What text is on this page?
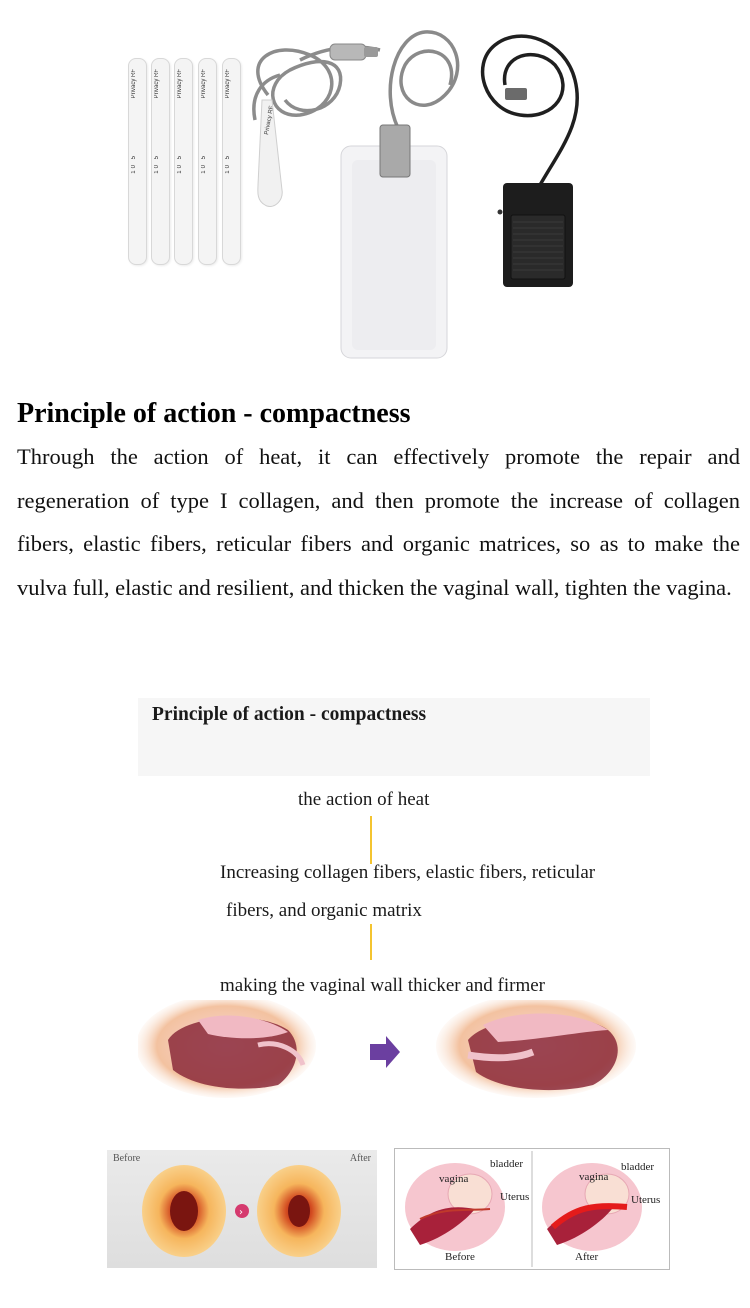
Privacy RF
10 5
Privacy RF
10 5
Privacy RF
10 5
Privacy RF
10 5
Privacy RF
10 5
Privacy RF
Principle of action - compactness

Through the action of heat, it can effectively promote the repair and regeneration of type I collagen, and then promote the increase of collagen fibers, elastic fibers, reticular fibers and organic matrices, so as to make the vulva full, elastic and resilient, and thicken the vaginal wall, tighten the vagina.

Principle of action - compactness
the action of heat
Increasing collagen fibers, elastic fibers, reticular
fibers, and organic matrix
making the vaginal wall thicker and firmer
Before	After
›
bladder
vagina
Uterus
Before
bladder
vagina
Uterus
After
